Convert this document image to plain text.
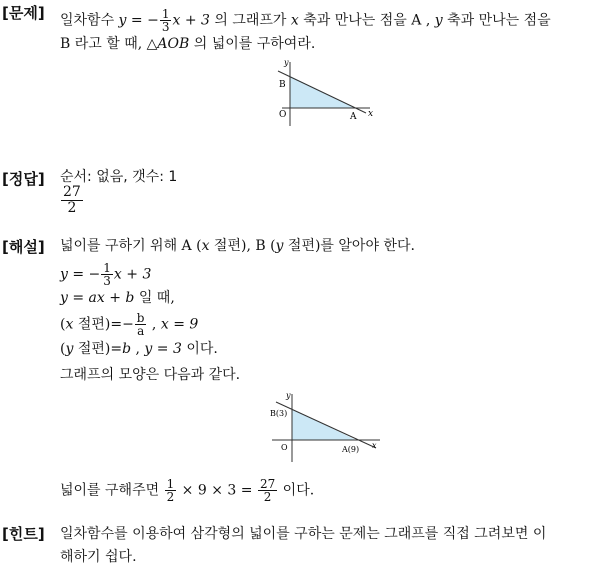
[문제] 일차함수 y = − $\frac{1}{3}$ x + 3 의 그래프가 x 축과 만나는 점을 A , y 축과 만나는 점을
B 라고 할 때, △AOB 의 넓이를 구하여라.
y
x
B
O	A
[정답] 순서: 없음, 갯수: 1
$\frac{27}{2}$
[해설] 넓이를 구하기 위해 A (x 절편), B (y 절편)를 알아야 한다.
y = − $\frac{1}{3}$ x + 3
y = ax + b 일 때,
(x 절편)=− $\frac{b}{a}$ , x = 9
(y 절편)=b , y = 3 이다.
그래프의 모양은 다음과 같다.
y
x
B(3)
O	A(9)
넓이를 구해주면 $\frac{1}{2} \times 9 \times 3 = \frac{27}{2}$ 이다.
[힌트] 일차함수를 이용하여 삼각형의 넓이를 구하는 문제는 그래프를 직접 그려보면 이
해하기 쉽다.
